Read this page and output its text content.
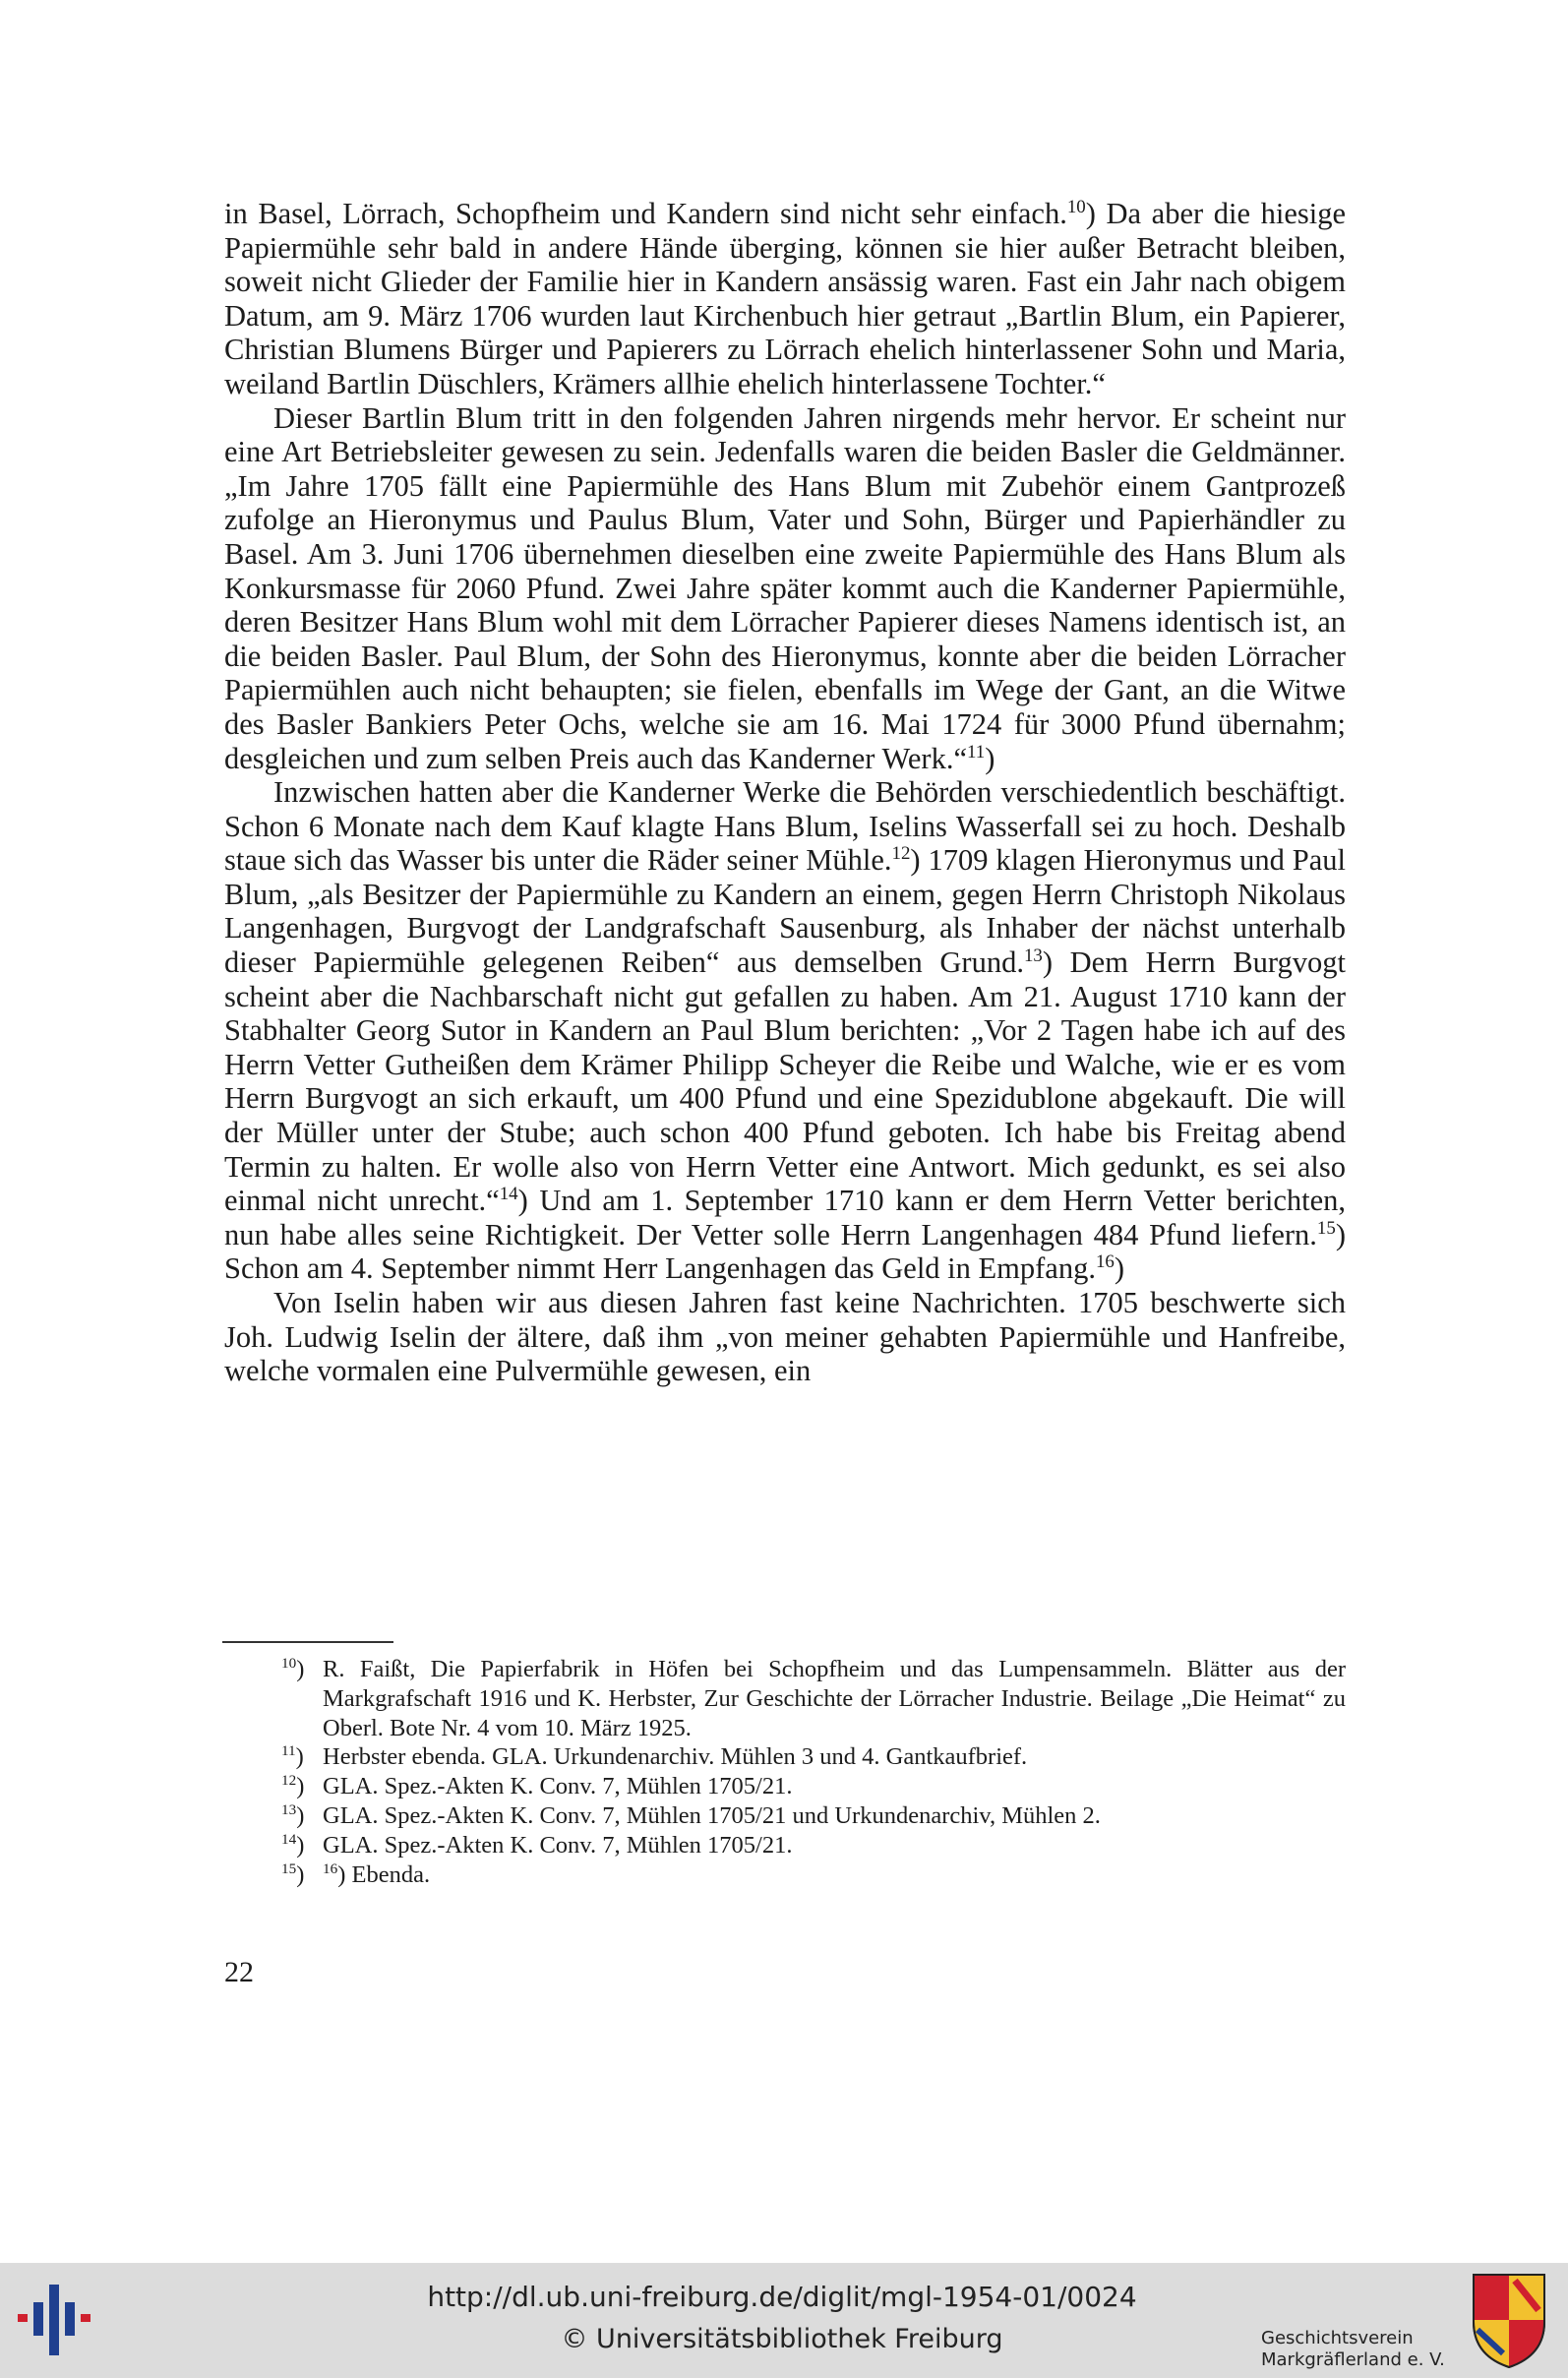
in Basel, Lörrach, Schopfheim und Kandern sind nicht sehr einfach.$^{10}$) Da aber die hiesige Papiermühle sehr bald in andere Hände überging, können sie hier außer Betracht bleiben, soweit nicht Glieder der Familie hier in Kandern ansässig waren. Fast ein Jahr nach obigem Datum, am 9. März 1706 wurden laut Kirchenbuch hier getraut „Bartlin Blum, ein Papierer, Christian Blumens Bürger und Papierers zu Lörrach ehelich hinterlassener Sohn und Maria, weiland Bartlin Düschlers, Krämers allhie ehelich hinterlassene Tochter.“

Dieser Bartlin Blum tritt in den folgenden Jahren nirgends mehr hervor. Er scheint nur eine Art Betriebsleiter gewesen zu sein. Jedenfalls waren die beiden Basler die Geldmänner. „Im Jahre 1705 fällt eine Papiermühle des Hans Blum mit Zubehör einem Gantprozeß zufolge an Hieronymus und Paulus Blum, Vater und Sohn, Bürger und Papierhändler zu Basel. Am 3. Juni 1706 übernehmen dieselben eine zweite Papiermühle des Hans Blum als Konkursmasse für 2060 Pfund. Zwei Jahre später kommt auch die Kanderner Papiermühle, deren Besitzer Hans Blum wohl mit dem Lörracher Papierer dieses Namens identisch ist, an die beiden Basler. Paul Blum, der Sohn des Hieronymus, konnte aber die beiden Lörracher Papiermühlen auch nicht behaupten; sie fielen, ebenfalls im Wege der Gant, an die Witwe des Basler Bankiers Peter Ochs, welche sie am 16. Mai 1724 für 3000 Pfund übernahm; desgleichen und zum selben Preis auch das Kanderner Werk.“$^{11}$)

Inzwischen hatten aber die Kanderner Werke die Behörden verschiedentlich beschäftigt. Schon 6 Monate nach dem Kauf klagte Hans Blum, Iselins Wasserfall sei zu hoch. Deshalb staue sich das Wasser bis unter die Räder seiner Mühle.$^{12}$) 1709 klagen Hieronymus und Paul Blum, „als Besitzer der Papiermühle zu Kandern an einem, gegen Herrn Christoph Nikolaus Langenhagen, Burgvogt der Landgrafschaft Sausenburg, als Inhaber der nächst unterhalb dieser Papiermühle gelegenen Reiben“ aus demselben Grund.$^{13}$) Dem Herrn Burgvogt scheint aber die Nachbarschaft nicht gut gefallen zu haben. Am 21. August 1710 kann der Stabhalter Georg Sutor in Kandern an Paul Blum berichten: „Vor 2 Tagen habe ich auf des Herrn Vetter Gutheißen dem Krämer Philipp Scheyer die Reibe und Walche, wie er es vom Herrn Burgvogt an sich erkauft, um 400 Pfund und eine Spezidublone abgekauft. Die will der Müller unter der Stube; auch schon 400 Pfund geboten. Ich habe bis Freitag abend Termin zu halten. Er wolle also von Herrn Vetter eine Antwort. Mich gedunkt, es sei also einmal nicht unrecht.“$^{14}$) Und am 1. September 1710 kann er dem Herrn Vetter berichten, nun habe alles seine Richtigkeit. Der Vetter solle Herrn Langenhagen 484 Pfund liefern.$^{15}$) Schon am 4. September nimmt Herr Langenhagen das Geld in Empfang.$^{16}$)

Von Iselin haben wir aus diesen Jahren fast keine Nachrichten. 1705 beschwerte sich Joh. Ludwig Iselin der ältere, daß ihm „von meiner gehabten Papiermühle und Hanfreibe, welche vormalen eine Pulvermühle gewesen, ein

$^{10}$) R. Faißt, Die Papierfabrik in Höfen bei Schopfheim und das Lumpensammeln. Blätter aus der Markgrafschaft 1916 und K. Herbster, Zur Geschichte der Lörracher Industrie. Beilage „Die Heimat“ zu Oberl. Bote Nr. 4 vom 10. März 1925.

$^{11}$) Herbster ebenda. GLA. Urkundenarchiv. Mühlen 3 und 4. Gantkaufbrief.

$^{12}$) GLA. Spez.-Akten K. Conv. 7, Mühlen 1705/21.

$^{13}$) GLA. Spez.-Akten K. Conv. 7, Mühlen 1705/21 und Urkundenarchiv, Mühlen 2.

$^{14}$) GLA. Spez.-Akten K. Conv. 7, Mühlen 1705/21.

$^{15}$) $^{16}$) Ebenda.

22
http://dl.ub.uni-freiburg.de/diglit/mgl-1954-01/0024
© Universitätsbibliothek Freiburg	Geschichtsverein
Markgräflerland e. V.
